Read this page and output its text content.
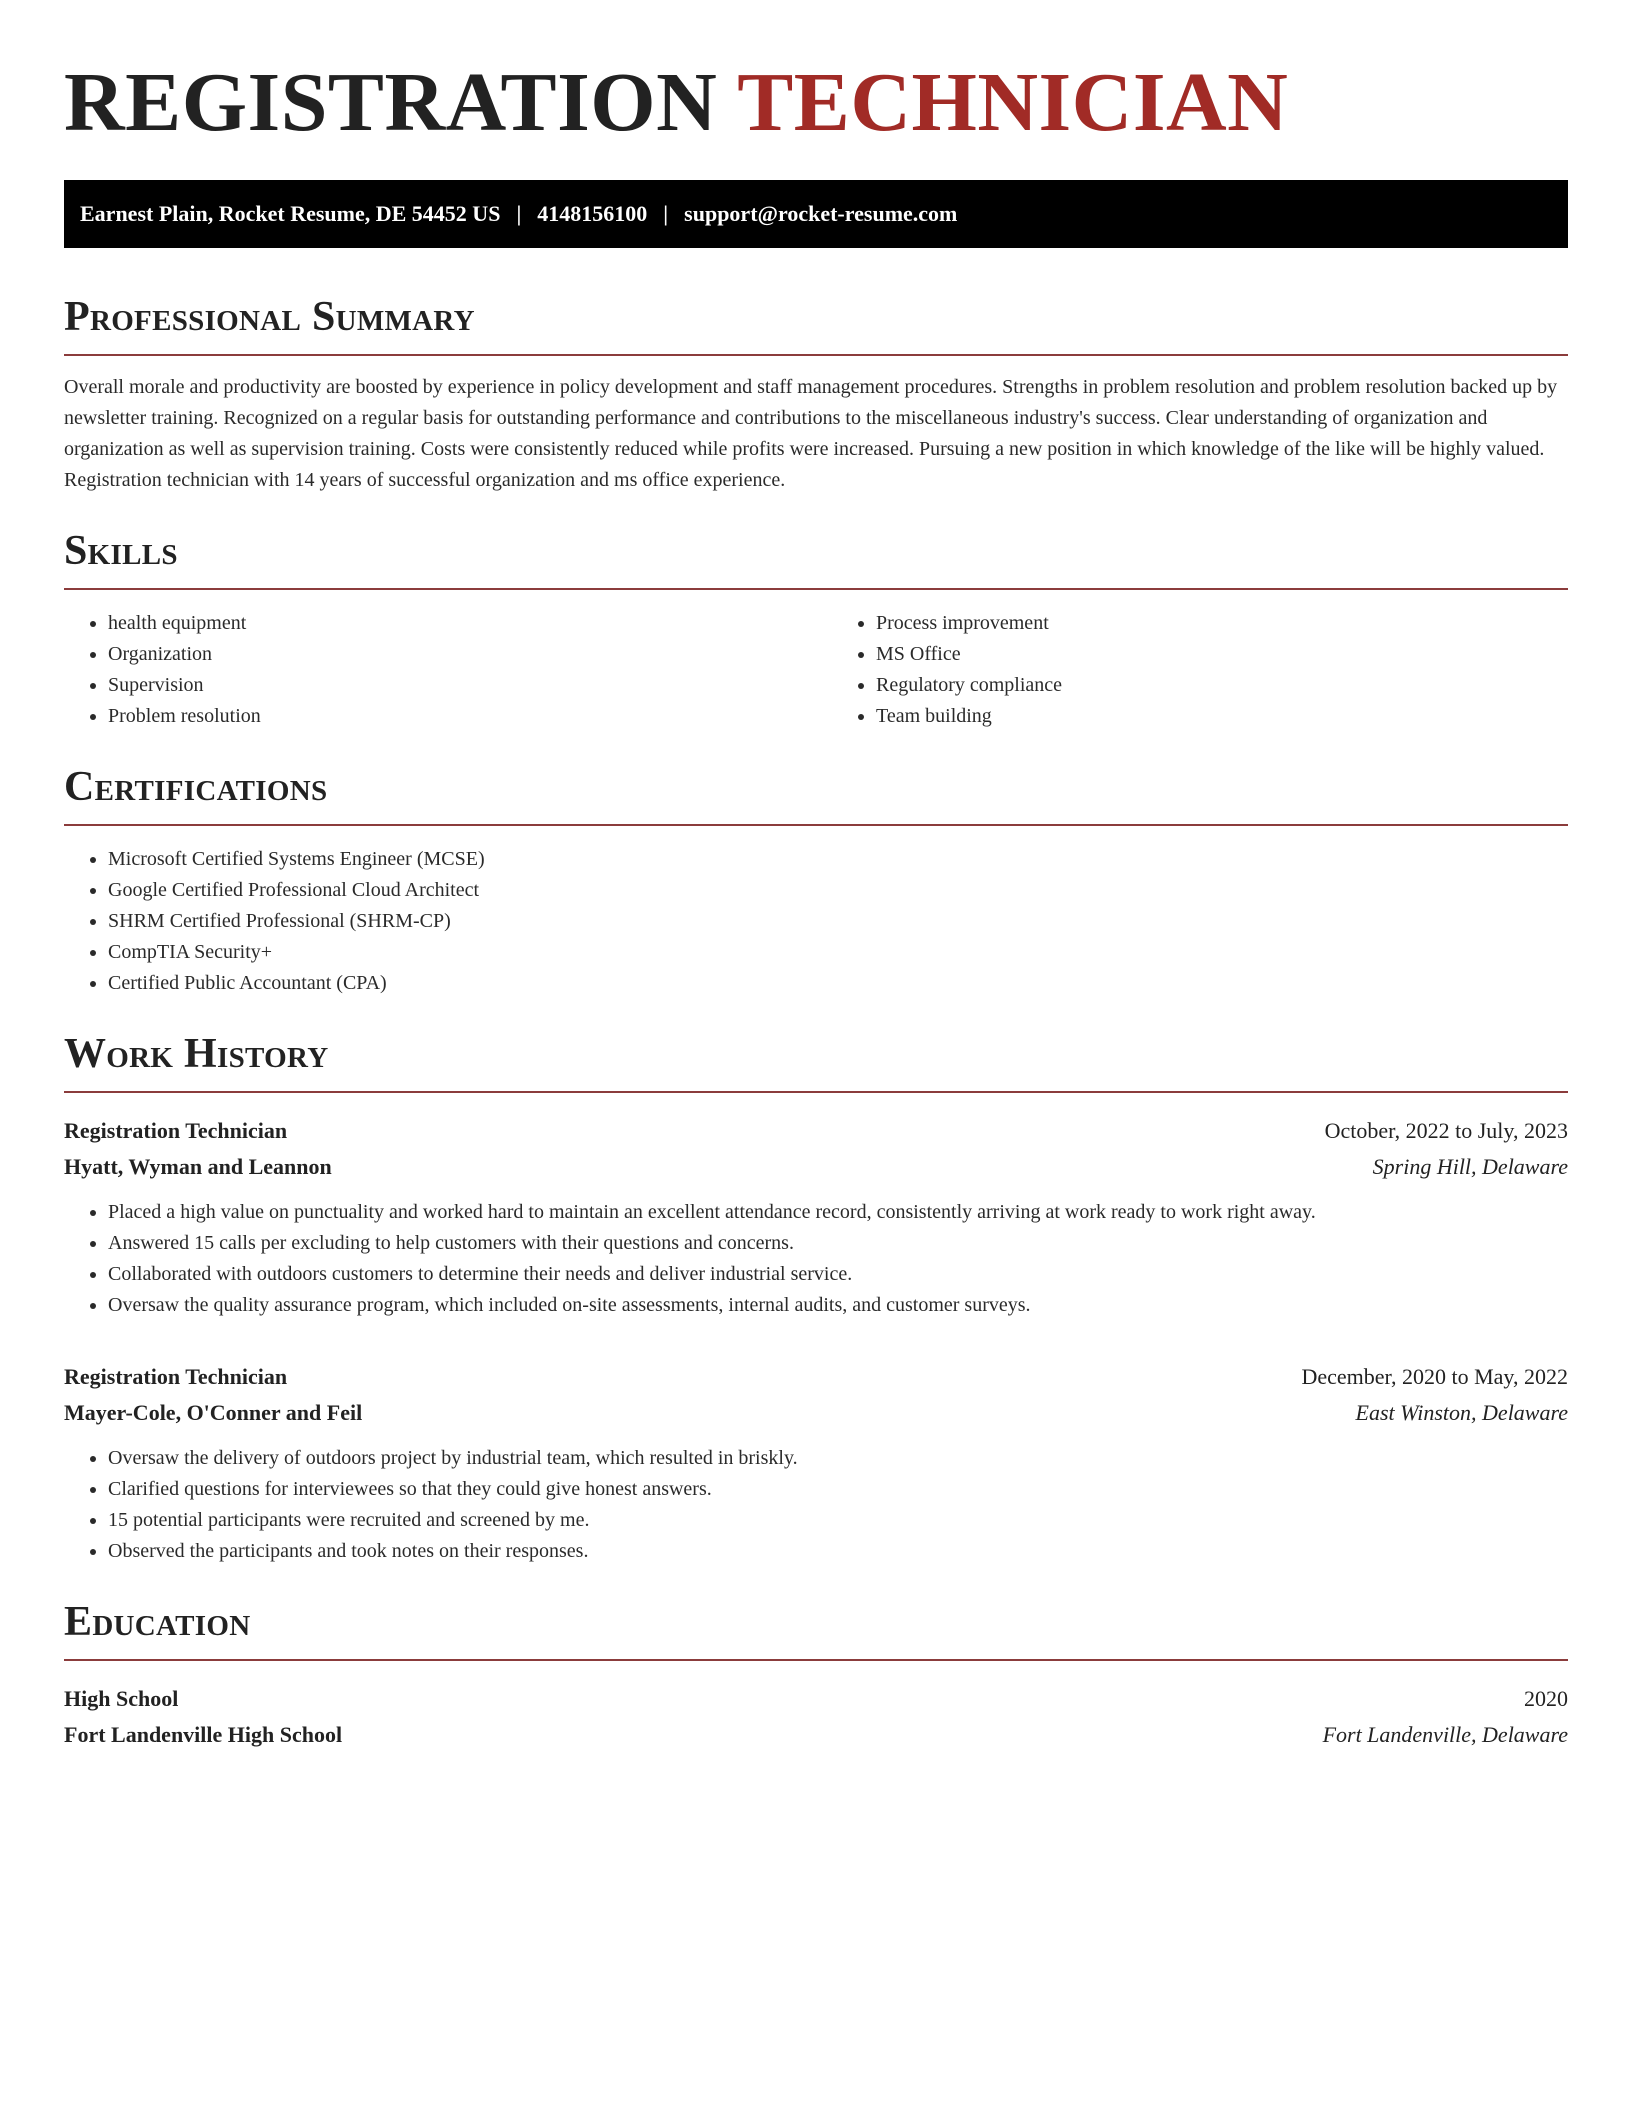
REGISTRATION TECHNICIAN
Earnest Plain, Rocket Resume, DE 54452 US | 4148156100 | support@rocket-resume.com
Professional Summary

Overall morale and productivity are boosted by experience in policy development and staff management procedures. Strengths in problem resolution and problem resolution backed up by newsletter training. Recognized on a regular basis for outstanding performance and contributions to the miscellaneous industry's success. Clear understanding of organization and organization as well as supervision training. Costs were consistently reduced while profits were increased. Pursuing a new position in which knowledge of the like will be highly valued. Registration technician with 14 years of successful organization and ms office experience.

Skills
• health equipment
• Organization
• Supervision
• Problem resolution
• Process improvement
• MS Office
• Regulatory compliance
• Team building
Certifications
• Microsoft Certified Systems Engineer (MCSE)
• Google Certified Professional Cloud Architect
• SHRM Certified Professional (SHRM-CP)
• CompTIA Security+
• Certified Public Accountant (CPA)
Work History
Registration Technician	October, 2022 to July, 2023
Hyatt, Wyman and Leannon	Spring Hill, Delaware
• Placed a high value on punctuality and worked hard to maintain an excellent attendance record, consistently arriving at work ready to work right away.
• Answered 15 calls per excluding to help customers with their questions and concerns.
• Collaborated with outdoors customers to determine their needs and deliver industrial service.
• Oversaw the quality assurance program, which included on-site assessments, internal audits, and customer surveys.
Registration Technician	December, 2020 to May, 2022
Mayer-Cole, O'Conner and Feil	East Winston, Delaware
• Oversaw the delivery of outdoors project by industrial team, which resulted in briskly.
• Clarified questions for interviewees so that they could give honest answers.
• 15 potential participants were recruited and screened by me.
• Observed the participants and took notes on their responses.
Education
High School	2020
Fort Landenville High School	Fort Landenville, Delaware
